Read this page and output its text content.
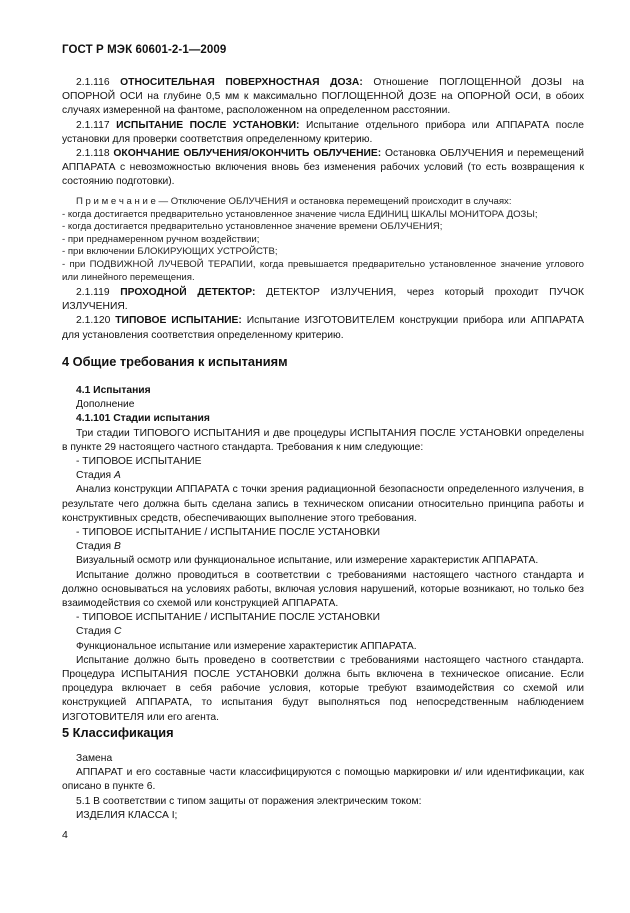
ГОСТ Р МЭК 60601-2-1—2009

2.1.116 ОТНОСИТЕЛЬНАЯ ПОВЕРХНОСТНАЯ ДОЗА: Отношение ПОГЛОЩЕННОЙ ДОЗЫ на ОПОРНОЙ ОСИ на глубине 0,5 мм к максимально ПОГЛОЩЕННОЙ ДОЗЕ на ОПОРНОЙ ОСИ, в обоих случаях измеренной на фантоме, расположенном на определенном расстоянии.

2.1.117 ИСПЫТАНИЕ ПОСЛЕ УСТАНОВКИ: Испытание отдельного прибора или АППАРАТА после установки для проверки соответствия определенному критерию.

2.1.118 ОКОНЧАНИЕ ОБЛУЧЕНИЯ/ОКОНЧИТЬ ОБЛУЧЕНИЕ: Остановка ОБЛУЧЕНИЯ и перемещений АППАРАТА с невозможностью включения вновь без изменения рабочих условий (то есть возвращения к состоянию подготовки).

П р и м е ч а н и е — Отключение ОБЛУЧЕНИЯ и остановка перемещений происходит в случаях:

- когда достигается предварительно установленное значение числа ЕДИНИЦ ШКАЛЫ МОНИТОРА ДОЗЫ;

- когда достигается предварительно установленное значение времени ОБЛУЧЕНИЯ;

- при преднамеренном ручном воздействии;

- при включении БЛОКИРУЮЩИХ УСТРОЙСТВ;

- при ПОДВИЖНОЙ ЛУЧЕВОЙ ТЕРАПИИ, когда превышается предварительно установленное значение углового или линейного перемещения.

2.1.119 ПРОХОДНОЙ ДЕТЕКТОР: ДЕТЕКТОР ИЗЛУЧЕНИЯ, через который проходит ПУЧОК ИЗЛУЧЕНИЯ.

2.1.120 ТИПОВОЕ ИСПЫТАНИЕ: Испытание ИЗГОТОВИТЕЛЕМ конструкции прибора или АППАРАТА для установления соответствия определенному критерию.

4 Общие требования к испытаниям

4.1 Испытания

Дополнение

4.1.101 Стадии испытания

Три стадии ТИПОВОГО ИСПЫТАНИЯ и две процедуры ИСПЫТАНИЯ ПОСЛЕ УСТАНОВКИ определены в пункте 29 настоящего частного стандарта. Требования к ним следующие:

- ТИПОВОЕ ИСПЫТАНИЕ

Стадия А

Анализ конструкции АППАРАТА с точки зрения радиационной безопасности определенного излучения, в результате чего должна быть сделана запись в техническом описании относительно принципа работы и конструктивных средств, обеспечивающих выполнение этого требования.

- ТИПОВОЕ ИСПЫТАНИЕ / ИСПЫТАНИЕ ПОСЛЕ УСТАНОВКИ

Стадия В

Визуальный осмотр или функциональное испытание, или измерение характеристик АППАРАТА.

Испытание должно проводиться в соответствии с требованиями настоящего частного стандарта и должно основываться на условиях работы, включая условия нарушений, которые возникают, но только без взаимодействия со схемой или конструкцией АППАРАТА.

- ТИПОВОЕ ИСПЫТАНИЕ / ИСПЫТАНИЕ ПОСЛЕ УСТАНОВКИ

Стадия С

Функциональное испытание или измерение характеристик АППАРАТА.

Испытание должно быть проведено в соответствии с требованиями настоящего частного стандарта. Процедура ИСПЫТАНИЯ ПОСЛЕ УСТАНОВКИ должна быть включена в техническое описание. Если процедура включает в себя рабочие условия, которые требуют взаимодействия со схемой или конструкцией АППАРАТА, то испытания будут выполняться под непосредственным наблюдением ИЗГОТОВИТЕЛЯ или его агента.

5 Классификация

Замена

АППАРАТ и его составные части классифицируются с помощью маркировки и/ или идентификации, как описано в пункте 6.

5.1 В соответствии с типом защиты от поражения электрическим током:

ИЗДЕЛИЯ КЛАССА I;

4
